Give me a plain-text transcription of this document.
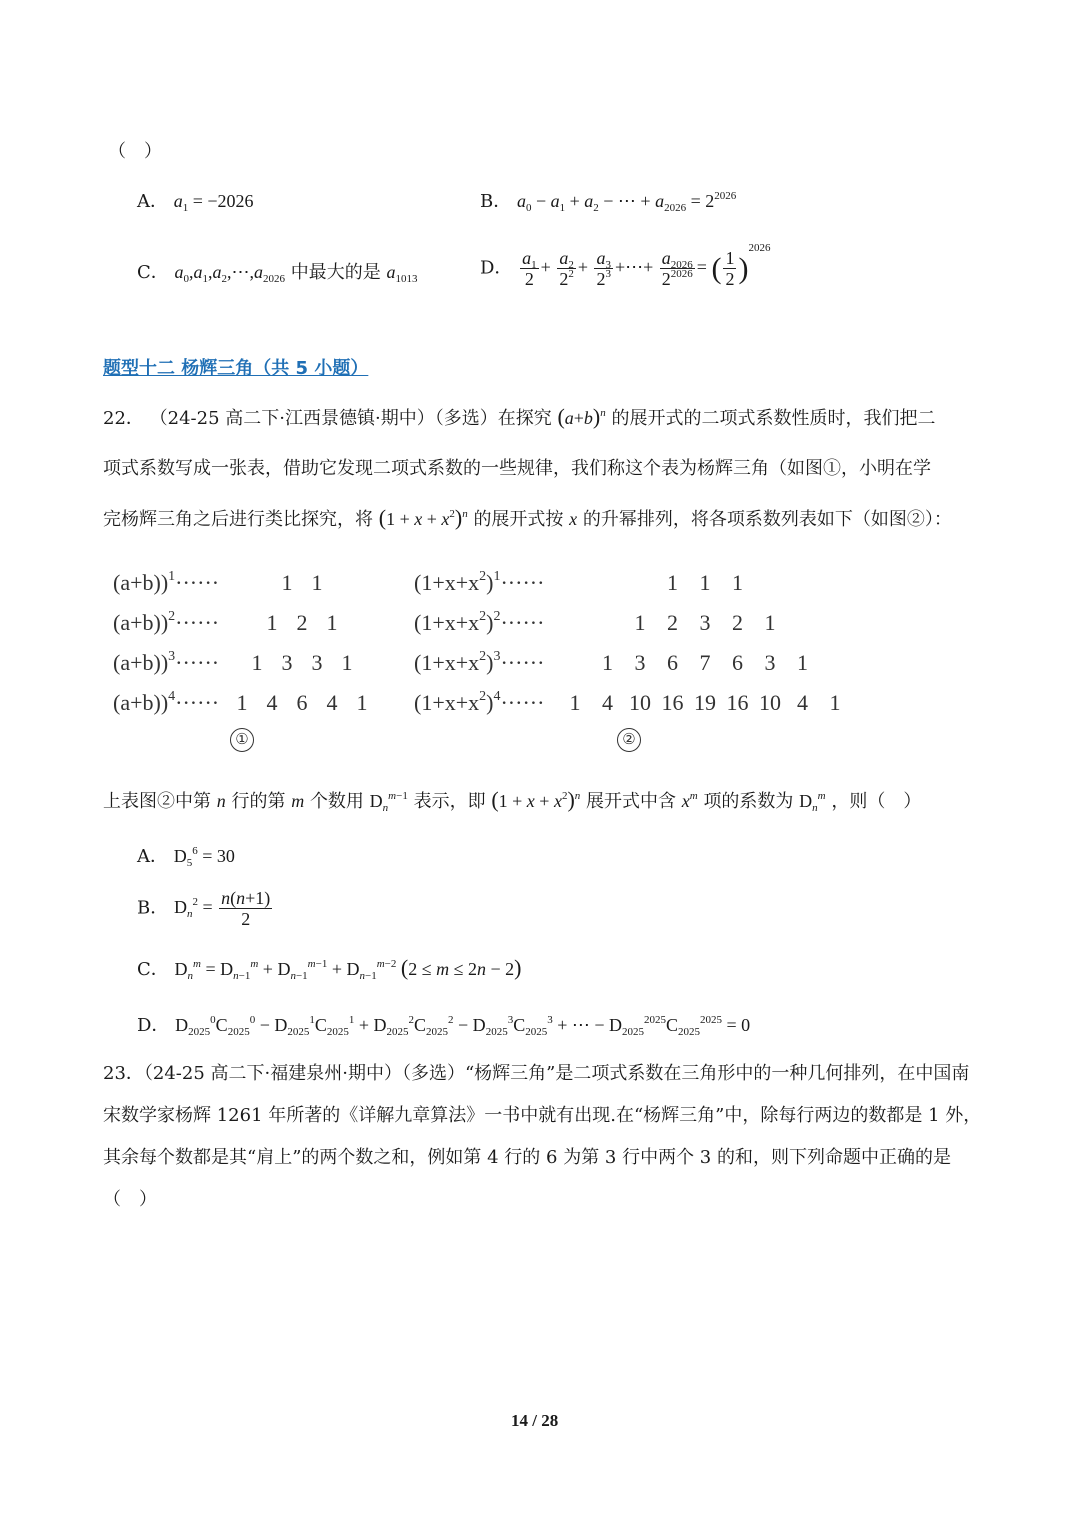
（　）
A． $a_1 = -2026$	B． $a_0 - a_1 + a_2$ − ⋯ + $a_{2026} = 2^{2026}$
C． $a_0,a_1,a_2,\cdots,a_{2026}$ 中最大的是 $a_{1013}$
D． $\frac{a_1}{2} + \frac{a_2}{2^2} + \frac{a_3}{2^3}$ +⋯+ $\frac{a_{2026}}{2^{2026}}$ = ( $\frac{1}{2} )^{2026}$
题型十二 杨辉三角（共 5 小题）
22． （24-25 高二下·江西景德镇·期中）（多选）在探究 $(a+b)^n$ 的展开式的二项式系数性质时，我们把二
项式系数写成一张表，借助它发现二项式系数的一些规律，我们称这个表为杨辉三角（如图①，小明在学
完杨辉三角之后进行类比探究，将 $(1 + x + x^2)^n$ 的展开式按 x 的升幂排列，将各项系数列表如下（如图②）：
(a+b))$^1$······	1 1
(a+b))$^2$······ 1 2 1
(a+b))$^3$······ 1 3 3 1
(a+b))$^4$······ 1 4 6 4 1
$(1+x+x^2)^1\cdot\cdot\cdot\cdot\cdot\cdot$	1 1 1
$(1+x+x^2)^2\cdot\cdot\cdot\cdot\cdot\cdot$	1 2 3 2 1
$(1+x+x^2)^3\cdot\cdot\cdot\cdot\cdot\cdot$	1 3 6 7 6 3 1
$(1+x+x^2)^4\cdot\cdot\cdot\cdot\cdot\cdot 1$ 4 10 16 19 16 10 4 1
①	②
上表图②中第 n 行的第 m 个数用 $D_n^{m-1}$ 表示，即 $(1 + x + x^2)^n$ 展开式中含 $x^m$ 项的系数为 $D_n^m$ ，则（　）
A． $D_5^6 = 30$
B． $D_n^2 = \frac{n(n+1)}{2}$
C． $D_n^m = D_{n-1}^m + D_{n-1}^{m-1} + D_{n-1}^{m-2}$ (2 ≤ m ≤ 2n − 2)
D． $D_{2025}^0C_{2025}^0 - D_{2025}^1C_{2025}^1 + D_{2025}^2C_{2025}^2 - D_{2025}^3C_{2025}^3$ + ⋯ − $D_{2025}^{2025}C_{2025}^{2025} = 0$
23．（24-25 高二下·福建泉州·期中）（多选）“杨辉三角”是二项式系数在三角形中的一种几何排列，在中国南宋数学家杨辉 1261 年所著的《详解九章算法》一书中就有出现.在“杨辉三角”中，除每行两边的数都是 1 外，其余每个数都是其“肩上”的两个数之和，例如第 4 行的 6 为第 3 行中两个 3 的和，则下列命题中正确的是（　）
14 / 28
